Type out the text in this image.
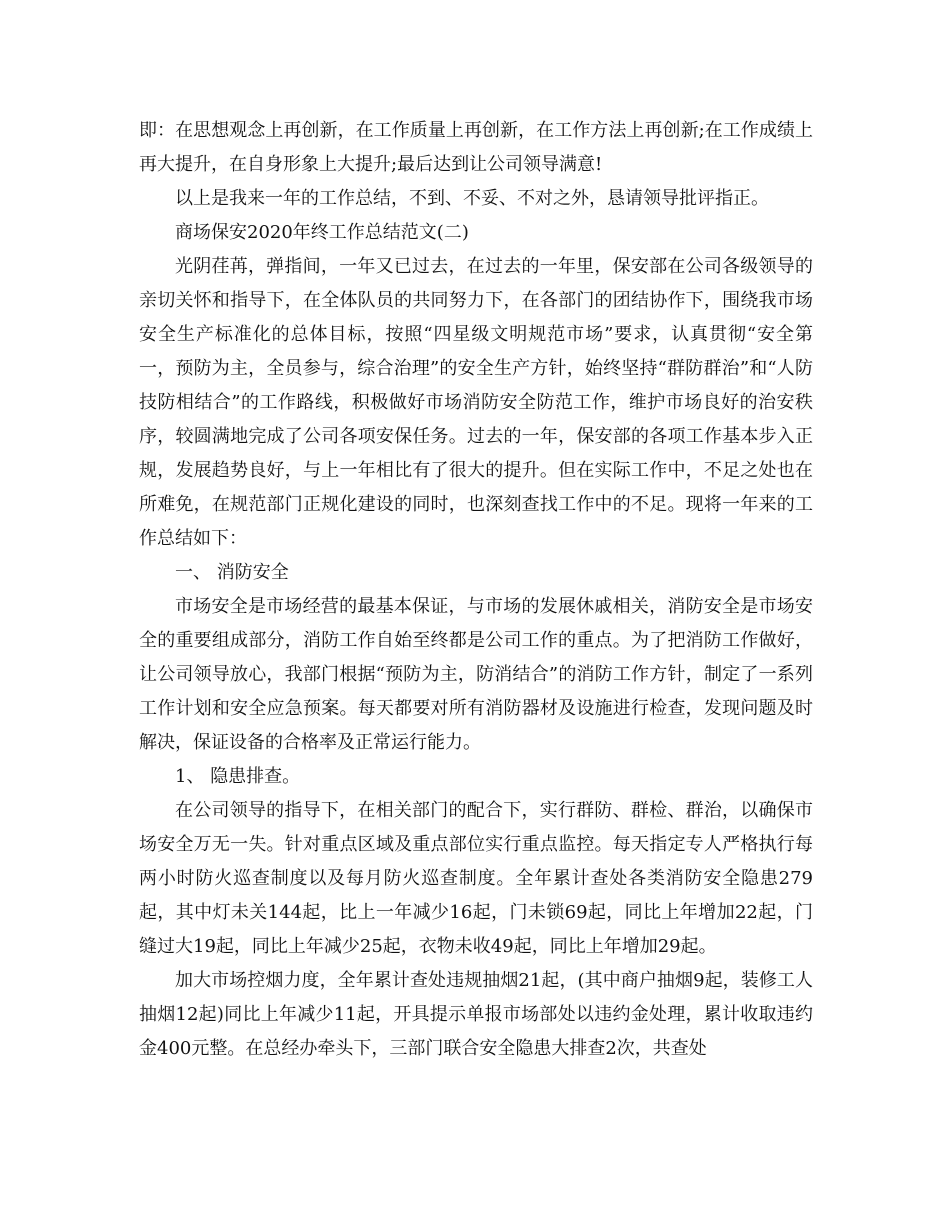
即：在思想观念上再创新，在工作质量上再创新，在工作方法上再创新;在工作成绩上再大提升，在自身形象上大提升;最后达到让公司领导满意!

以上是我来一年的工作总结，不到、不妥、不对之外，恳请领导批评指正。

商场保安2020年终工作总结范文(二)

光阴荏苒，弹指间，一年又已过去，在过去的一年里，保安部在公司各级领导的亲切关怀和指导下，在全体队员的共同努力下，在各部门的团结协作下，围绕我市场安全生产标准化的总体目标，按照“四星级文明规范市场”要求，认真贯彻“安全第一，预防为主，全员参与，综合治理”的安全生产方针，始终坚持“群防群治”和“人防技防相结合”的工作路线，积极做好市场消防安全防范工作，维护市场良好的治安秩序，较圆满地完成了公司各项安保任务。过去的一年，保安部的各项工作基本步入正规，发展趋势良好，与上一年相比有了很大的提升。但在实际工作中，不足之处也在所难免，在规范部门正规化建设的同时，也深刻查找工作中的不足。现将一年来的工作总结如下：

一、 消防安全

市场安全是市场经营的最基本保证，与市场的发展休戚相关，消防安全是市场安全的重要组成部分，消防工作自始至终都是公司工作的重点。为了把消防工作做好，让公司领导放心，我部门根据“预防为主，防消结合”的消防工作方针，制定了一系列工作计划和安全应急预案。每天都要对所有消防器材及设施进行检查，发现问题及时解决，保证设备的合格率及正常运行能力。

1、 隐患排查。

在公司领导的指导下，在相关部门的配合下，实行群防、群检、群治，以确保市场安全万无一失。针对重点区域及重点部位实行重点监控。每天指定专人严格执行每两小时防火巡查制度以及每月防火巡查制度。全年累计查处各类消防安全隐患279起，其中灯未关144起，比上一年减少16起，门未锁69起，同比上年增加22起，门缝过大19起，同比上年减少25起，衣物未收49起，同比上年增加29起。

加大市场控烟力度，全年累计查处违规抽烟21起，(其中商户抽烟9起，装修工人抽烟12起)同比上年减少11起，开具提示单报市场部处以违约金处理，累计收取违约金400元整。在总经办牵头下，三部门联合安全隐患大排查2次，共查处
